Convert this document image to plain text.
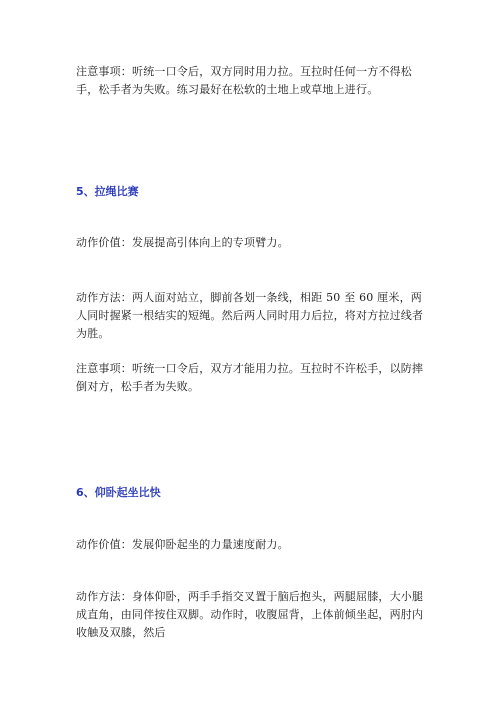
注意事项：听统一口令后，双方同时用力拉。互拉时任何一方不得松手，松手者为失败。练习最好在松软的土地上或草地上进行。

5、拉绳比赛

动作价值：发展提高引体向上的专项臂力。

动作方法：两人面对站立，脚前各划一条线，相距 50 至 60 厘米，两人同时握紧一根结实的短绳。然后两人同时用力后拉，将对方拉过线者为胜。

注意事项：听统一口令后，双方才能用力拉。互拉时不许松手，以防摔倒对方，松手者为失败。

6、仰卧起坐比快

动作价值：发展仰卧起坐的力量速度耐力。

动作方法：身体仰卧，两手手指交叉置于脑后抱头，两腿屈膝，大小腿成直角，由同伴按住双脚。动作时，收腹屈背，上体前倾坐起，两肘内收触及双膝，然后
